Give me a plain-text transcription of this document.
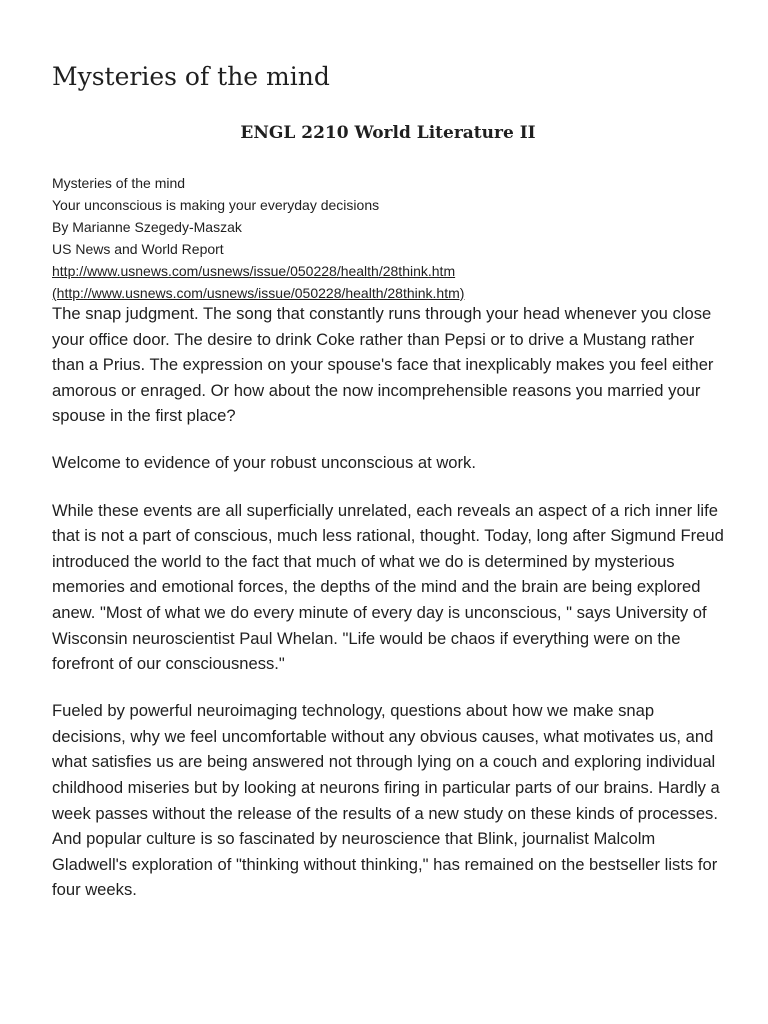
Mysteries of the mind
ENGL 2210 World Literature II
Mysteries of the mind
Your unconscious is making your everyday decisions
By Marianne Szegedy-Maszak
US News and World Report
http://www.usnews.com/usnews/issue/050228/health/28think.htm
(http://www.usnews.com/usnews/issue/050228/health/28think.htm)

The snap judgment. The song that constantly runs through your head whenever you close your office door. The desire to drink Coke rather than Pepsi or to drive a Mustang rather than a Prius. The expression on your spouse's face that inexplicably makes you feel either amorous or enraged. Or how about the now incomprehensible reasons you married your spouse in the first place?

Welcome to evidence of your robust unconscious at work.

While these events are all superficially unrelated, each reveals an aspect of a rich inner life that is not a part of conscious, much less rational, thought. Today, long after Sigmund Freud introduced the world to the fact that much of what we do is determined by mysterious memories and emotional forces, the depths of the mind and the brain are being explored anew. "Most of what we do every minute of every day is unconscious, " says University of Wisconsin neuroscientist Paul Whelan. "Life would be chaos if everything were on the forefront of our consciousness."

Fueled by powerful neuroimaging technology, questions about how we make snap decisions, why we feel uncomfortable without any obvious causes, what motivates us, and what satisfies us are being answered not through lying on a couch and exploring individual childhood miseries but by looking at neurons firing in particular parts of our brains. Hardly a week passes without the release of the results of a new study on these kinds of processes. And popular culture is so fascinated by neuroscience that Blink, journalist Malcolm Gladwell's exploration of "thinking without thinking," has remained on the bestseller lists for four weeks.
